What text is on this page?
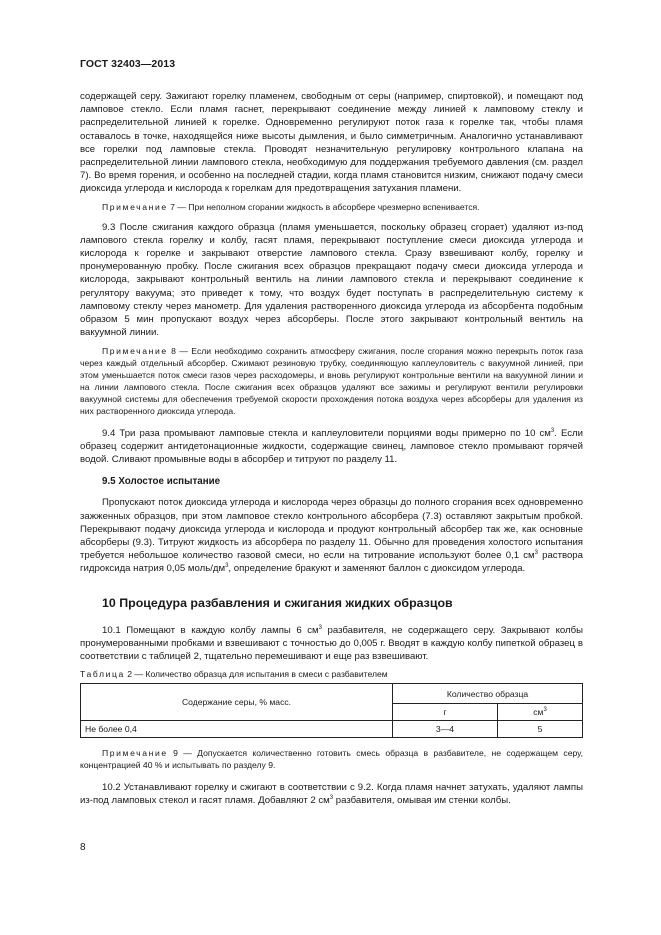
ГОСТ 32403—2013

содержащей серу. Зажигают горелку пламенем, свободным от серы (например, спиртовкой), и помещают под ламповое стекло. Если пламя гаснет, перекрывают соединение между линией к ламповому стеклу и распределительной линией к горелке. Одновременно регулируют поток газа к горелке так, чтобы пламя оставалось в точке, находящейся ниже высоты дымления, и было симметричным. Аналогично устанавливают все горелки под ламповые стекла. Проводят незначительную регулировку контрольного клапана на распределительной линии лампового стекла, необходимую для поддержания требуемого давления (см. раздел 7). Во время горения, и особенно на последней стадии, когда пламя становится низким, снижают подачу смеси диоксида углерода и кислорода к горелкам для предотвращения затухания пламени.

Примечание 7 — При неполном сгорании жидкость в абсорбере чрезмерно вспенивается.

9.3 После сжигания каждого образца (пламя уменьшается, поскольку образец сгорает) удаляют из-под лампового стекла горелку и колбу, гасят пламя, перекрывают поступление смеси диоксида углерода и кислорода к горелке и закрывают отверстие лампового стекла. Сразу взвешивают колбу, горелку и пронумерованную пробку. После сжигания всех образцов прекращают подачу смеси диоксида углерода и кислорода, закрывают контрольный вентиль на линии лампового стекла и перекрывают соединение к регулятору вакуума; это приведет к тому, что воздух будет поступать в распределительную систему к ламповому стеклу через манометр. Для удаления растворенного диоксида углерода из абсорбента подобным образом 5 мин пропускают воздух через абсорберы. После этого закрывают контрольный вентиль на вакуумной линии.

Примечание 8 — Если необходимо сохранить атмосферу сжигания, после сгорания можно перекрыть поток газа через каждый отдельный абсорбер. Сжимают резиновую трубку, соединяющую каплеуловитель с вакуумной линией, при этом уменьшается поток смеси газов через расходомеры, и вновь регулируют контрольные вентили на вакуумной линии и на линии лампового стекла. После сжигания всех образцов удаляют все зажимы и регулируют вентили регулировки вакуумной системы для обеспечения требуемой скорости прохождения потока воздуха через абсорберы для удаления из них растворенного диоксида углерода.

9.4 Три раза промывают ламповые стекла и каплеуловители порциями воды примерно по 10 $см^3$. Если образец содержит антидетонационные жидкости, содержащие свинец, ламповое стекло промывают горячей водой. Сливают промывные воды в абсорбер и титруют по разделу 11.

9.5 Холостое испытание

Пропускают поток диоксида углерода и кислорода через образцы до полного сгорания всех одновременно зажженных образцов, при этом ламповое стекло контрольного абсорбера (7.3) оставляют закрытым пробкой. Перекрывают подачу диоксида углерода и кислорода и продуют контрольный абсорбер так же, как основные абсорберы (9.3). Титруют жидкость из абсорбера по разделу 11. Обычно для проведения холостого испытания требуется небольшое количество газовой смеси, но если на титрование используют более 0,1 $см^3$ раствора гидроксида натрия 0,05 моль/$дм^3$, определение бракуют и заменяют баллон с диоксидом углерода.

10 Процедура разбавления и сжигания жидких образцов

10.1 Помещают в каждую колбу лампы 6 $см^3$ разбавителя, не содержащего серу. Закрывают колбы пронумерованными пробками и взвешивают с точностью до 0,005 г. Вводят в каждую колбу пипеткой образец в соответствии с таблицей 2, тщательно перемешивают и еще раз взвешивают.

Таблица 2 — Количество образца для испытания в смеси с разбавителем

Содержание серы, % масс.	Количество образца	
	г	$см^3$
Не более 0,4	3—4	5

Примечание 9 — Допускается количественно готовить смесь образца в разбавителе, не содержащем серу, концентрацией 40 % и испытывать по разделу 9.

10.2 Устанавливают горелку и сжигают в соответствии с 9.2. Когда пламя начнет затухать, удаляют лампы из-под ламповых стекол и гасят пламя. Добавляют 2 $см^3$ разбавителя, омывая им стенки колбы.

8
